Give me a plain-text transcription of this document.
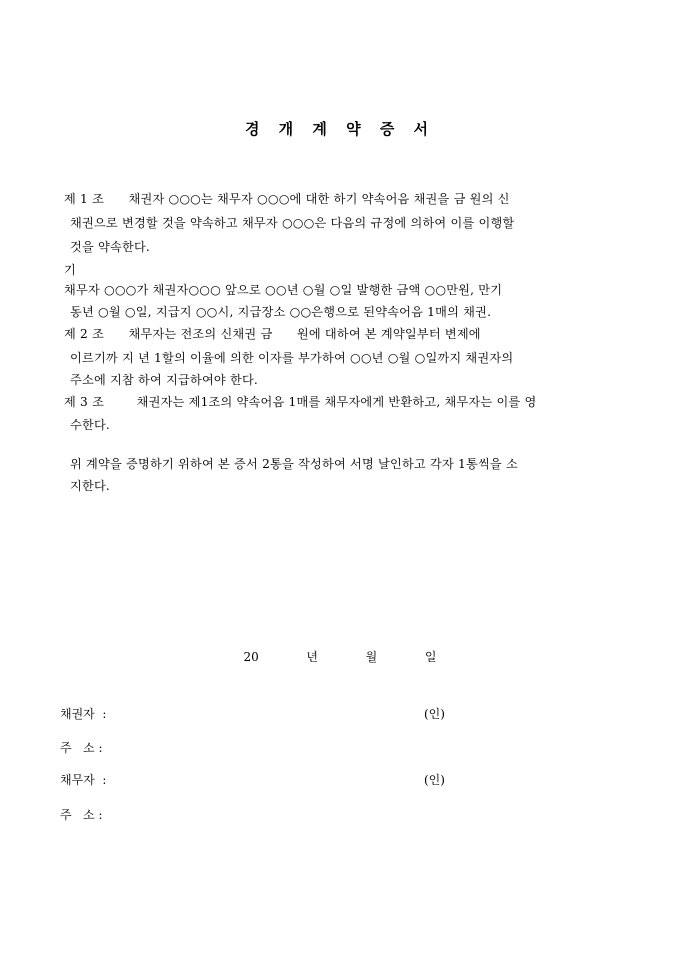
경 개 계 약 증 서
제 1 조      채권자 ○○○는 채무자 ○○○에 대한 하기 약속어음 채권을 금 원의 신
채권으로 변경할 것을 약속하고 채무자 ○○○은 다음의 규정에 의하여 이를 이행할
것을 약속한다.
기
채무자 ○○○가 채권자○○○ 앞으로 ○○년 ○월 ○일 발행한 금액 ○○만원, 만기
동년 ○월 ○일, 지급지 ○○시, 지급장소 ○○은행으로 된약속어음 1매의 채권.
제 2 조      채무자는 전조의 신채권 금      원에 대하여 본 계약일부터 변제에
이르기까 지 년 1할의 이율에 의한 이자를 부가하여 ○○년 ○월 ○일까지 채권자의
주소에 지참 하여 지급하여야 한다.
제 3 조        채권자는 제1조의 약속어음 1매를 채무자에게 반환하고, 채무자는 이를 영
수한다.
위 계약을 증명하기 위하여 본 증서 2통을 작성하여 서명 날인하고 각자 1통씩을 소
지한다.
20  년  월  일
채권자  :	(인)
주   소 :
채무자  :	(인)
주   소 :
